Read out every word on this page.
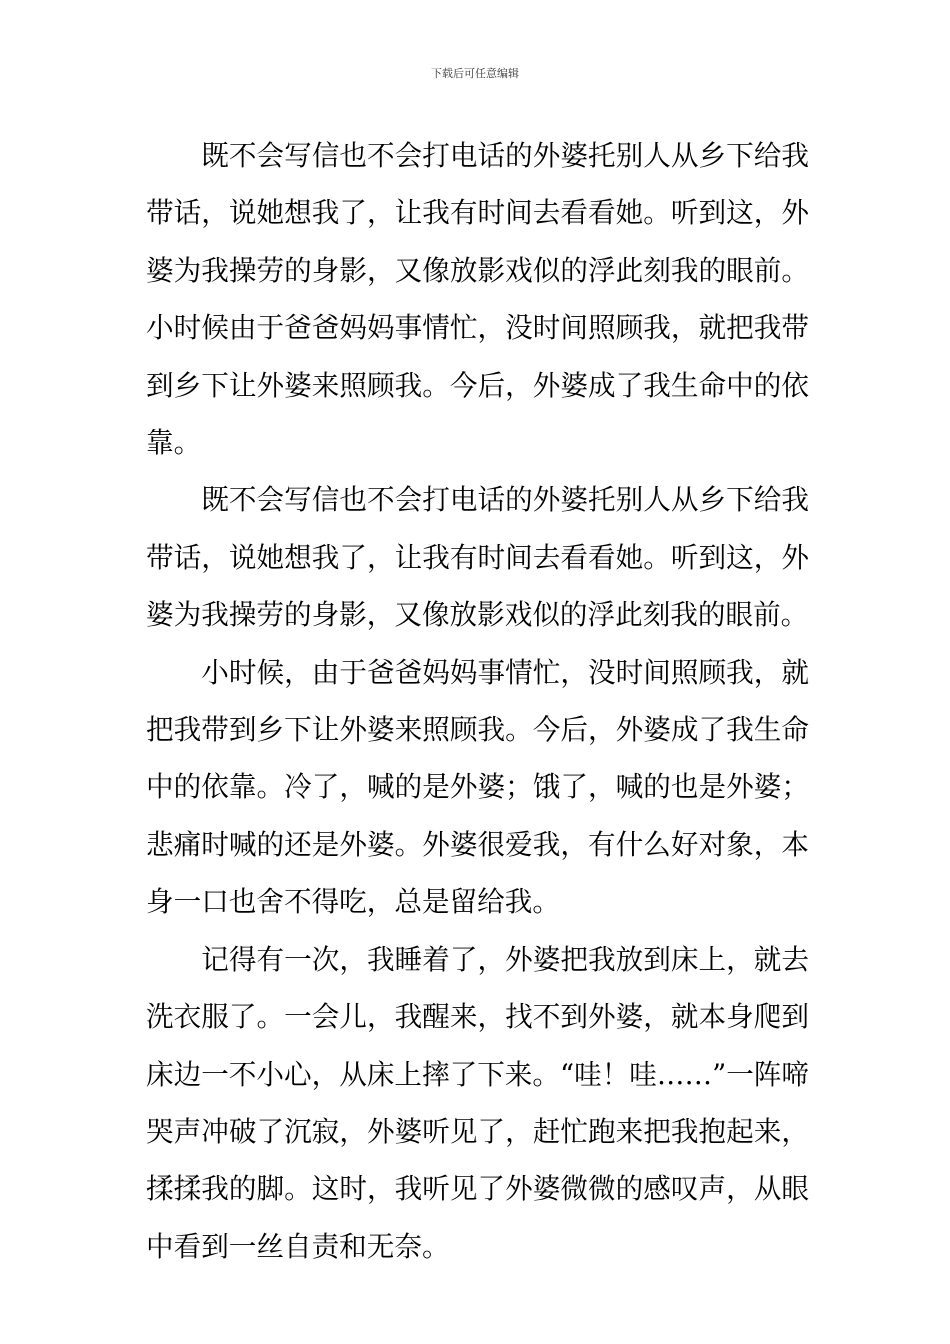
下载后可任意编辑

既不会写信也不会打电话的外婆托别人从乡下给我带话，说她想我了，让我有时间去看看她。听到这，外婆为我操劳的身影，又像放影戏似的浮此刻我的眼前。小时候由于爸爸妈妈事情忙，没时间照顾我，就把我带到乡下让外婆来照顾我。今后，外婆成了我生命中的依靠。

既不会写信也不会打电话的外婆托别人从乡下给我带话，说她想我了，让我有时间去看看她。听到这，外婆为我操劳的身影，又像放影戏似的浮此刻我的眼前。

小时候，由于爸爸妈妈事情忙，没时间照顾我，就把我带到乡下让外婆来照顾我。今后，外婆成了我生命中的依靠。冷了，喊的是外婆；饿了，喊的也是外婆；悲痛时喊的还是外婆。外婆很爱我，有什么好对象，本身一口也舍不得吃，总是留给我。

记得有一次，我睡着了，外婆把我放到床上，就去洗衣服了。一会儿，我醒来，找不到外婆，就本身爬到床边一不小心，从床上摔了下来。“哇！哇……”一阵啼哭声冲破了沉寂，外婆听见了，赶忙跑来把我抱起来，揉揉我的脚。这时，我听见了外婆微微的感叹声，从眼中看到一丝自责和无奈。
